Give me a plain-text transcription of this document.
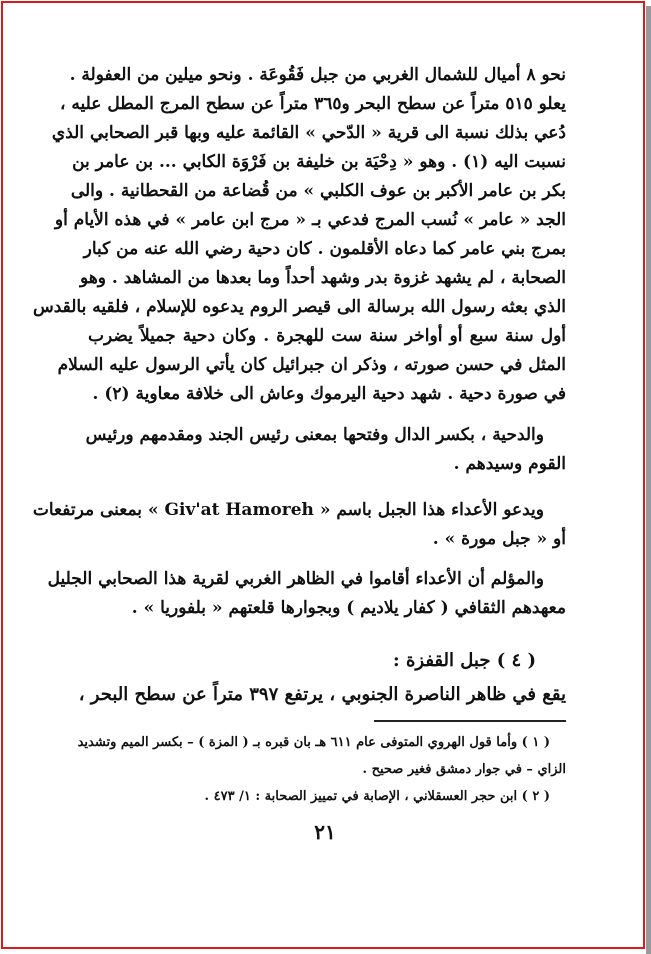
نحو ٨ أميال للشمال الغربي من جبل فَقُوعَة . ونحو ميلين من العفولة .
يعلو ٥١٥ متراً عن سطح البحر و٣٦٥ متراً عن سطح المرج المطل عليه ،
دُعي بذلك نسبة الى قرية « الدّحي » القائمة عليه وبها قبر الصحابي الذي
نسبت اليه (١) . وهو « دِحْيَة بن خليفة بن فَرْوَة الكابي ... بن عامر بن
بكر بن عامر الأكبر بن عوف الكلبي » من قُضاعة من القحطانية . والى
الجد « عامر » نُسب المرج فدعي بـ « مرج ابن عامر » في هذه الأيام أو
بمرج بني عامر كما دعاه الأقلمون . كان دحية رضي الله عنه من كبار
الصحابة ، لم يشهد غزوة بدر وشهد أحداً وما بعدها من المشاهد . وهو
الذي بعثه رسول الله برسالة الى قيصر الروم يدعوه للإسلام ، فلقيه بالقدس
أول سنة سبع أو أواخر سنة ست للهجرة . وكان دحية جميلاً يضرب
المثل في حسن صورته ، وذكر ان جبرائيل كان يأتي الرسول عليه السلام
في صورة دحية . شهد دحية اليرموك وعاش الى خلافة معاوية (٢) .
والدحية ، بكسر الدال وفتحها بمعنى رئيس الجند ومقدمهم ورئيس
القوم وسيدهم .
ويدعو الأعداء هذا الجبل باسم « Giv'at Hamoreh » بمعنى مرتفعات
أو « جبل مورة » .
والمؤلم أن الأعداء أقاموا في الظاهر الغربي لقرية هذا الصحابي الجليل
معهدهم الثقافي ( كفار يلاديم ) وبجوارها قلعتهم « بلفوريا » .
( ٤ ) جبل القفزة :
يقع في ظاهر الناصرة الجنوبي ، يرتفع ٣٩٧ متراً عن سطح البحر ،
( ١ ) وأما قول الهروي المتوفى عام ٦١١ هـ بان قبره بـ ( المزة ) – بكسر الميم وتشديد
الزاي – في جوار دمشق فغير صحيح .
( ٢ ) ابن حجر العسقلاني ، الإصابة في تمييز الصحابة : ١/ ٤٧٣ .
٢١
